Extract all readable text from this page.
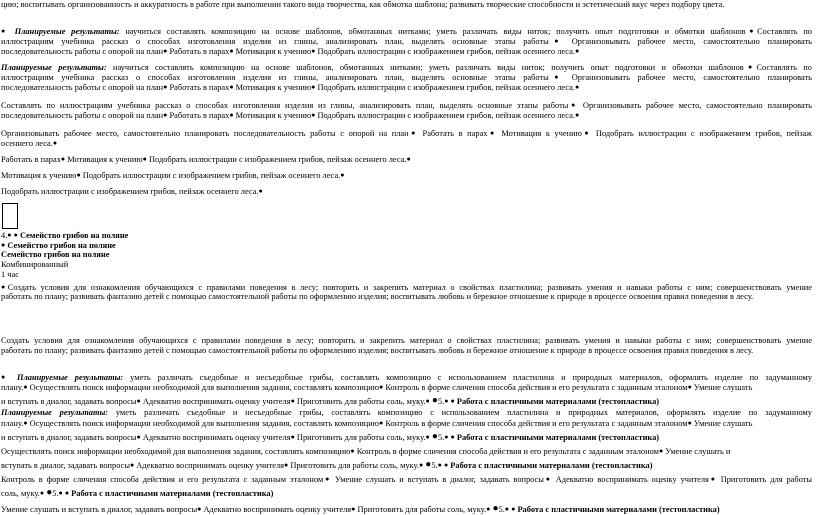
цию; воспитывать организованность и аккуратность в работе при выполнении такого вида творчества, как обмотка шаблона; развивать творческие способности и эстетический вкус через подбору цвета.
● Планируемые результаты: научиться составлять композицию на основе шаблонов, обмотанных нитками; уметь различать виды ниток; получить опыт подготовки и обмотки шаблонов●Составлять по
иллюстрациям учебника рассказ о способах изготовления изделия из глины, анализировать план, выделять основные этапы работы● Организовывать рабочее место, самостоятельно планировать
последовательность работы с опорой на план● Работать в парах● Мотивация к учению● Подобрать иллюстрации с изображением грибов, пейзаж осеннего леса.●
Планируемые результаты: научиться составлять композицию на основе шаблонов, обмотанных нитками; уметь различать виды ниток; получить опыт подготовки и обмотки шаблонов●Составлять по
иллюстрациям учебника рассказ о способах изготовления изделия из глины, анализировать план, выделять основные этапы работы● Организовывать рабочее место, самостоятельно планировать
последовательность работы с опорой на план● Работать в парах● Мотивация к учению● Подобрать иллюстрации с изображением грибов, пейзаж осеннего леса.●
Составлять по иллюстрациям учебника рассказ о способах изготовления изделия из глины, анализировать план, выделять основные этапы работы● Организовывать рабочее место, самостоятельно планировать
последовательность работы с опорой на план● Работать в парах● Мотивация к учению● Подобрать иллюстрации с изображением грибов, пейзаж осеннего леса.●
Организовывать рабочее место, самостоятельно планировать последовательность работы с опорой на план● Работать в парах● Мотивация к учению● Подобрать иллюстрации с изображением грибов, пейзаж
осеннего леса.●
Работать в парах● Мотивация к учению● Подобрать иллюстрации с изображением грибов, пейзаж осеннего леса.●
Мотивация к учению● Подобрать иллюстрации с изображением грибов, пейзаж осеннего леса.●
Подобрать иллюстрации с изображением грибов, пейзаж осеннего леса.●
4.● ● Семейство грибов на поляне
● Семейство грибов на поляне
Семейство грибов на поляне
Комбинированный
1 час
●Создать условия для ознакомления обучающихся с правилами поведения в лесу; повторить и закрепить материал о свойствах пластилина; развивать умения и навыки работы с ним; совершенствовать умение
работать по плану; развивать фантазию детей с помощью самостоятельной работы по оформлению изделия; воспитывать любовь и бережное отношение к природе в процессе освоения правил поведения в лесу.
Создать условия для ознакомления обучающихся с правилами поведения в лесу; повторить и закрепить материал о свойствах пластилина; развивать умения и навыки работы с ним; совершенствовать умение
работать по плану; развивать фантазию детей с помощью самостоятельной работы по оформлению изделия; воспитывать любовь и бережное отношение к природе в процессе освоения правил поведения в лесу.
● Планируемые результаты: уметь различать съедобные и несъедобные грибы, составлять композицию с использованием пластилина и природных материалов, оформлять изделие по задуманному
плану.● Осуществлять поиск информации необходимой для выполнения задания, составлять композицию● Контроль в форме сличения способа действия и его результата с заданным эталоном● Умение слушать
и вступать в диалог, задавать вопросы● Адекватно воспринимать оценку учителя● Приготовить для работы соль, муку.● ●5.● ● Работа с пластичными материалами (тестопластика)
Планируемые результаты: уметь различать съедобные и несъедобные грибы, составлять композицию с использованием пластилина и природных материалов, оформлять изделие по задуманному
плану.● Осуществлять поиск информации необходимой для выполнения задания, составлять композицию● Контроль в форме сличения способа действия и его результата с заданным эталоном● Умение слушать
и вступать в диалог, задавать вопросы● Адекватно воспринимать оценку учителя● Приготовить для работы соль, муку.● ●5.● ● Работа с пластичными материалами (тестопластика)
Осуществлять поиск информации необходимой для выполнения задания, составлять композицию● Контроль в форме сличения способа действия и его результата с заданным эталоном● Умение слушать и
вступать в диалог, задавать вопросы● Адекватно воспринимать оценку учителя● Приготовить для работы соль, муку.● ●5.● ● Работа с пластичными материалами (тестопластика)
Контроль в форме сличения способа действия и его результата с заданным эталоном● Умение слушать и вступать в диалог, задавать вопросы● Адекватно воспринимать оценку учителя● Приготовить для работы
соль, муку.● ●5.● ● Работа с пластичными материалами (тестопластика)
Умение слушать и вступать в диалог, задавать вопросы● Адекватно воспринимать оценку учителя● Приготовить для работы соль, муку.● ●5.● ● Работа с пластичными материалами (тестопластика)
